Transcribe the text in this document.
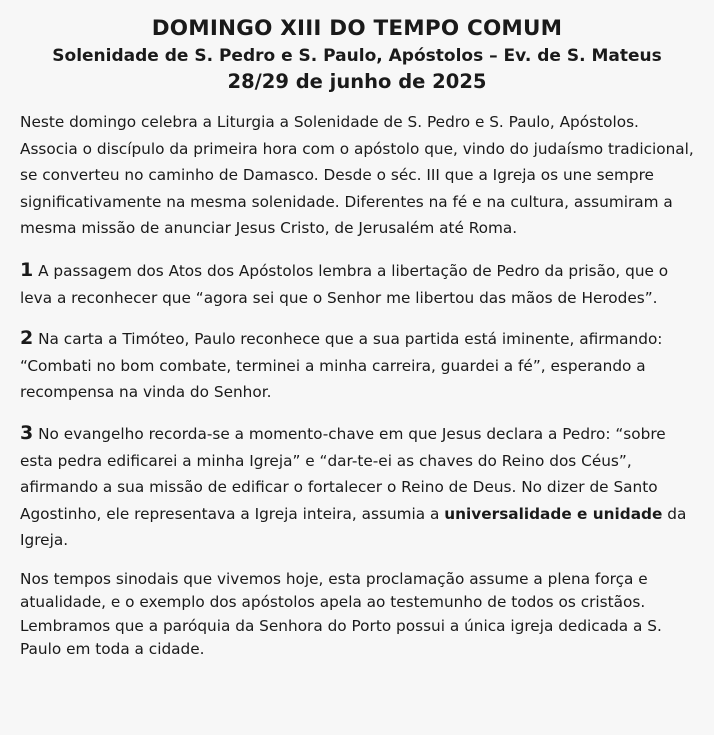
DOMINGO XIII DO TEMPO COMUM
Solenidade de S. Pedro e S. Paulo, Apóstolos – Ev. de S. Mateus
28/29 de junho de 2025

Neste domingo celebra a Liturgia a Solenidade de S. Pedro e S. Paulo, Apóstolos. Associa o discípulo da primeira hora com o apóstolo que, vindo do judaísmo tradicional, se converteu no caminho de Damasco. Desde o séc. III que a Igreja os une sempre significativamente na mesma solenidade. Diferentes na fé e na cultura, assumiram a mesma missão de anunciar Jesus Cristo, de Jerusalém até Roma.

1 A passagem dos Atos dos Apóstolos lembra a libertação de Pedro da prisão, que o leva a reconhecer que “agora sei que o Senhor me libertou das mãos de Herodes”.

2 Na carta a Timóteo, Paulo reconhece que a sua partida está iminente, afirmando: “Combati no bom combate, terminei a minha carreira, guardei a fé”, esperando a recompensa na vinda do Senhor.

3 No evangelho recorda-se a momento-chave em que Jesus declara a Pedro: “sobre esta pedra edificarei a minha Igreja” e “dar-te-ei as chaves do Reino dos Céus”, afirmando a sua missão de edificar o fortalecer o Reino de Deus. No dizer de Santo Agostinho, ele representava a Igreja inteira, assumia a universalidade e unidade da Igreja.

Nos tempos sinodais que vivemos hoje, esta proclamação assume a plena força e atualidade, e o exemplo dos apóstolos apela ao testemunho de todos os cristãos. Lembramos que a paróquia da Senhora do Porto possui a única igreja dedicada a S. Paulo em toda a cidade.
